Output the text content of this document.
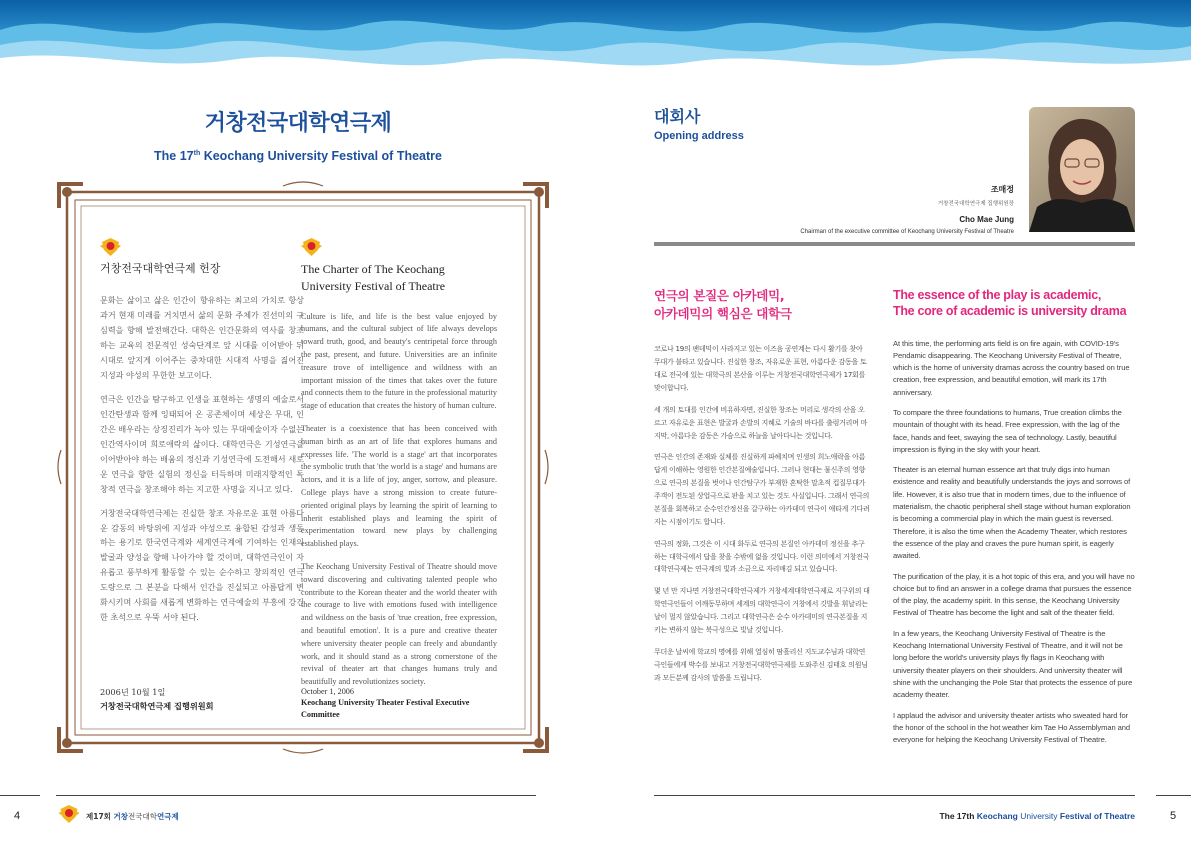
거창전국대학연극제
The 17th Keochang University Festival of Theatre
거창전국대학연극제 헌장

문화는 삶이고 삶은 인간이 향유하는 최고의 가치로 항상 과거 현재 미래를 거치면서 삶의 문화 주체가 진선미의 구심력을 향해 발전해간다. 대학은 인간문화의 역사를 창조하는 교육의 전문적인 성숙단계로 앞 시대를 이어받아 뒤 시대로 앞지게 이어주는 중차대한 시대적 사명을 짊어진 지성과 야성의 무한한 보고이다.

연극은 인간을 탐구하고 인생을 표현하는 생명의 예술로서 인간탄생과 함께 잉태되어 온 공존체이며 세상은 무대, 인간은 배우라는 상징진리가 녹아 있는 무대예술이자 수없는 인간역사이며 희로애락의 삶이다. 대학연극은 기성연극을 이어받아야 하는 배움의 정신과 기성연극에 도전해서 새로운 연극을 향한 실험의 정신을 터득하며 미래지향적인 독창적 연극을 창조해야 하는 지고한 사명을 지니고 있다.

거창전국대학연극제는 진실한 창조 자유로운 표현 아름다운 감동의 바탕위에 지성과 야성으로 융합된 감성과 생동하는 용기로 한국연극계와 세계연극계에 기여하는 인재의 발굴과 양성을 향해 나아가야 할 것이며, 대학연극인이 자유롭고 풍부하게 활동할 수 있는 순수하고 창의적인 연극도량으로 그 본분을 다해서 인간을 진실되고 아름답게 변화시키며 사회를 새롭게 변화하는 연극예술의 부흥에 강건한 초석으로 우뚝 서야 된다.

The Charter of The Keochang University Festival of Theatre

Culture is life, and life is the best value enjoyed by humans, and the cultural subject of life always develops toward truth, good, and beauty's centripetal force through the past, present, and future. Universities are an infinite treasure trove of intelligence and wildness with an important mission of the times that takes over the future and connects them to the future in the professional maturity stage of education that creates the history of human culture.

Theater is a coexistence that has been conceived with human birth as an art of life that explores humans and expresses life. 'The world is a stage' art that incorporates the symbolic truth that 'the world is a stage' and humans are actors, and it is a life of joy, anger, sorrow, and pleasure. College plays have a strong mission to create future-oriented original plays by learning the spirit of learning to inherit established plays and learning the spirit of experimentation toward new plays by challenging established plays.

The Keochang University Festival of Theatre should move toward discovering and cultivating talented people who contribute to the Korean theater and the world theater with the courage to live with emotions fused with intelligence and wildness on the basis of 'true creation, free expression, and beautiful emotion'. It is a pure and creative theater where university theater people can freely and abundantly work, and it should stand as a strong cornerstone of the revival of theater art that changes humans truly and beautifully and revolutionizes society.

2006년 10월 1일
거창전국대학연극제 집행위원회
October 1, 2006
Keochang University Theater Festival Executive Committee
4	제17회 거창전국대학연극제
대회사
Opening address
조매정
거창전국대학연극제 집행위원장
Cho Mae Jung
Chairman of the executive committee of Keochang University Festival of Theatre
연극의 본질은 아카데믹,
아카데믹의 핵심은 대학극

코로나 19의 팬데믹이 사라지고 있는 이즈음 공연계는 다시 활기를 찾아 무대가 불타고 있습니다. 진실한 창조, 자유로운 표현, 아름다운 감동을 토대로 전국에 있는 대학극의 본산을 이루는 거창전국대학연극제가 17회를 맞이합니다.

세 개의 토대를 인간에 비유하자면, 진실한 창조는 머리로 생각의 산을 오르고 자유로운 표현은 발굴과 손발의 지혜로 기술의 바다를 출렁거리며 마지막, 아름다운 감동은 가슴으로 하늘을 날아다니는 것입니다.

연극은 인간의 존재와 실체를 진실하게 파헤치며 인생의 희노애락을 아름답게 이해하는 영원한 인간본질예술입니다. 그러나 현대는 물신주의 영향으로 연극의 본질을 벗어나 인간탐구가 부재한 혼탁한 말초적 컵질무대가 주객이 전도된 상업극으로 판을 치고 있는 것도 사실입니다. 그래서 연극의 본질을 회복하고 순수인간정신을 갈구하는 아카데미 연극이 애타게 기다려지는 시점이기도 합니다.

연극의 정화, 그것은 이 시대 화두로 연극의 본질인 아카데미 정신을 추구하는 대학극에서 답을 찾을 수밖에 없을 것입니다. 이런 의미에서 거창전국대학연극제는 연극계의 빛과 소금으로 자리매김 되고 있습니다.

몇 년 만 지나면 거창전국대학연극제가 거창세계대학연극제로 지구위의 대학연극인들이 어깨동무하며 세계의 대학연극이 거창에서 깃발을 휘날리는 날이 멀지 않았습니다. 그리고 대학연극은 순수 아카데미의 연극본질을 지키는 변하지 않는 북극성으로 빛날 것입니다.

무더운 날씨에 학교의 명예를 위해 열심히 땀흘리신 지도교수님과 대학연극인들에게 박수를 보내고 거창전국대학연극제를 도와주신 김태호 의원님과 모든분께 감사의 말씀을 드립니다.

The essence of the play is academic,
The core of academic is university drama

At this time, the performing arts field is on fire again, with COVID-19's Pendamic disappearing. The Keochang University Festival of Theatre, which is the home of university dramas across the country based on true creation, free expression, and beautiful emotion, will mark its 17th anniversary.

To compare the three foundations to humans, True creation climbs the mountain of thought with its head. Free expression, with the lag of the face, hands and feet, swaying the sea of technology. Lastly, beautiful impression is flying in the sky with your heart.

Theater is an eternal human essence art that truly digs into human existence and reality and beautifully understands the joys and sorrows of life. However, it is also true that in modern times, due to the influence of materialism, the chaotic peripheral shell stage without human exploration is becoming a commercial play in which the main guest is reversed. Therefore, it is also the time when the Academy Theater, which restores the essence of the play and craves the pure human spirit, is eagerly awaited.

The purification of the play, it is a hot topic of this era, and you will have no choice but to find an answer in a college drama that pursues the essence of the play, the academy spirit. In this sense, the Keochang University Festival of Theatre has become the light and salt of the theater field.

In a few years, the Keochang University Festival of Theatre is the Keochang International University Festival of Theatre, and it will not be long before the world's university plays fly flags in Keochang with university theater players on their shoulders. And university theater will shine with the unchanging the Pole Star that protects the essence of pure academy theater.

I applaud the advisor and university theater artists who sweated hard for the honor of the school in the hot weather kim Tae Ho Assemblyman and everyone for helping the Keochang University Festival of Theatre.

The 17th Keochang University Festival of Theatre	5
